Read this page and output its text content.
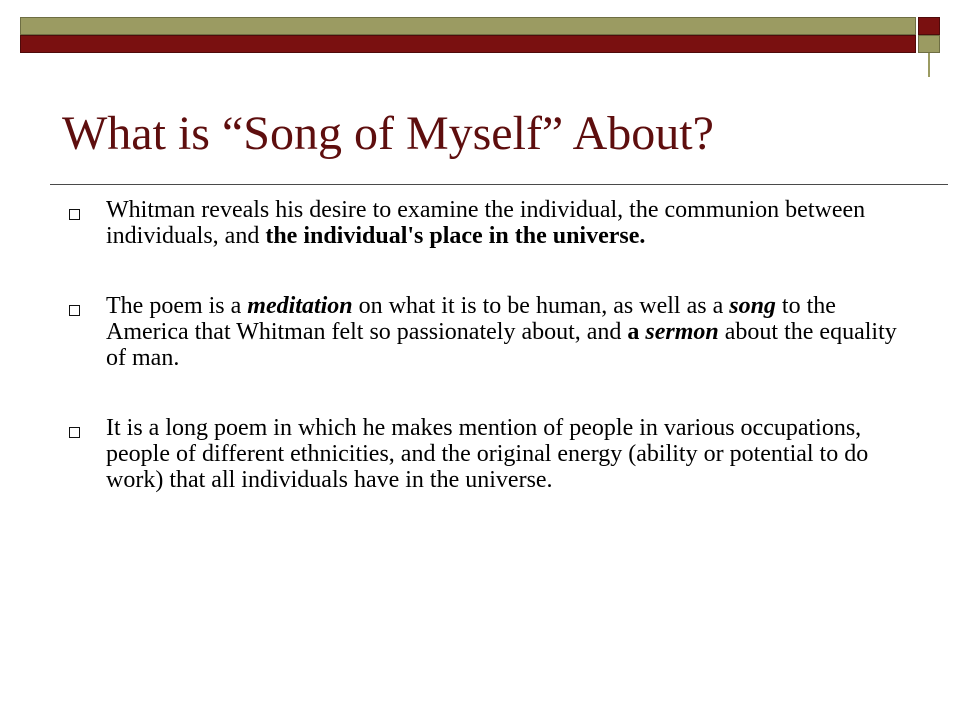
What is “Song of Myself” About?
Whitman reveals his desire to examine the individual, the communion between individuals, and the individual's place in the universe.
The poem is a meditation on what it is to be human, as well as a song to the America that Whitman felt so passionately about, and a sermon about the equality of man.
It is a long poem in which he makes mention of people in various occupations, people of different ethnicities, and the original energy (ability or potential to do work) that all individuals have in the universe.
